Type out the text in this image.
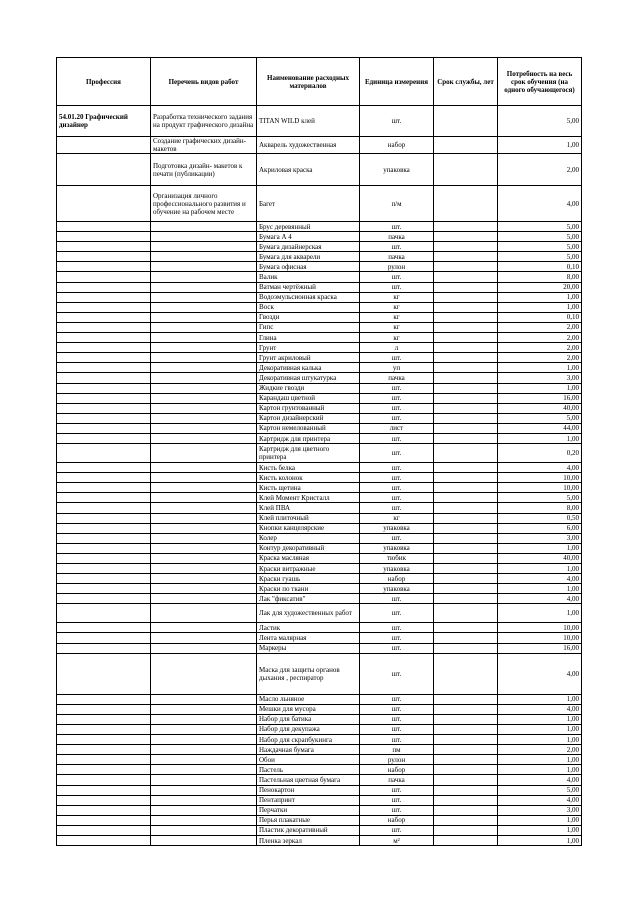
Профессия	Перечень видов работ	Наименование расходных материалов	Единица измерения	Срок службы, лет	Потребность на весь срок обучения (на одного обучающегося)
54.01.20 Графический дизайнер	Разработка технического задания на продукт графического дизайна	TITAN WILD клей	шт.		5,00
	Создание графических дизайн-макетов	Акварель художественная	набор		1,00
	Подготовка дизайн- макетов к печати (публикации)	Акриловая краска	упаковка		2,00
	Организация личного профессионального развития и обучение на рабочем месте	Багет	п/м		4,00
		Брус деревянный	шт.		5,00
		Бумага А 4	пачка		5,00
		Бумага дизайнерская	шт.		5,00
		Бумага для акварели	пачка		5,00
		Бумага офисная	рулон		0,10
		Валик	шт.		8,00
		Ватман чертёжный	шт.		20,00
		Водоэмульсионная краска	кг		1,00
		Воск	кг		1,00
		Гвозди	кг		0,10
		Гипс	кг		2,00
		Глина	кг		2,00
		Грунт	л		2,00
		Грунт акриловый	шт.		2,00
		Декоративная калька	уп		1,00
		Декоративная штукатурка	пачка		3,00
		Жидкие гвозди	шт.		1,00
		Карандаш цветной	шт.		16,00
		Картон грунтованный	шт.		40,00
		Картон дизайнерский	шт.		5,00
		Картон немелованный	лист		44,00
		Картридж для принтера	шт.		1,00
		Картридж для цветного принтера	шт.		0,20
		Кисть белка	шт.		4,00
		Кисть колонок	шт.		10,00
		Кисть щетина	шт.		10,00
		Клей Момент Кристалл	шт.		5,00
		Клей ПВА	шт.		8,00
		Клей плиточный	кг		0,50
		Кнопки канцелярские	упаковка		6,00
		Колер	шт.		3,00
		Контур декоративный	упаковка		1,00
		Краска масляная	тюбик		40,00
		Краски витражные	упаковка		1,00
		Краски гуашь	набор		4,00
		Краски по ткани	упаковка		1,00
		Лак "фиксатив"	шт.		4,00
		Лак для художественных работ	шт.		1,00
		Ластик	шт.		10,00
		Лента малярная	шт.		10,00
		Маркеры	шт.		16,00
		Маска для защиты органов дыхания , респиратор	шт.		4,00
		Масло льняное	шт.		1,00
		Мешки для мусора	шт.		4,00
		Набор для батика	шт.		1,00
		Набор для декупажа	шт.		1,00
		Набор для скрапбукинга	шт.		1,00
		Наждачная бумага	пм		2,00
		Обои	рулон		1,00
		Пастель	набор		1,00
		Пастельная цветная бумага	пачка		4,00
		Пенокартон	шт.		5,00
		Пентапринт	шт.		4,00
		Перчатки	шт.		3,00
		Перья плакатные	набор		1,00
		Пластик декоративный	шт.		1,00
		Пленка зеркал	м²		1,00
